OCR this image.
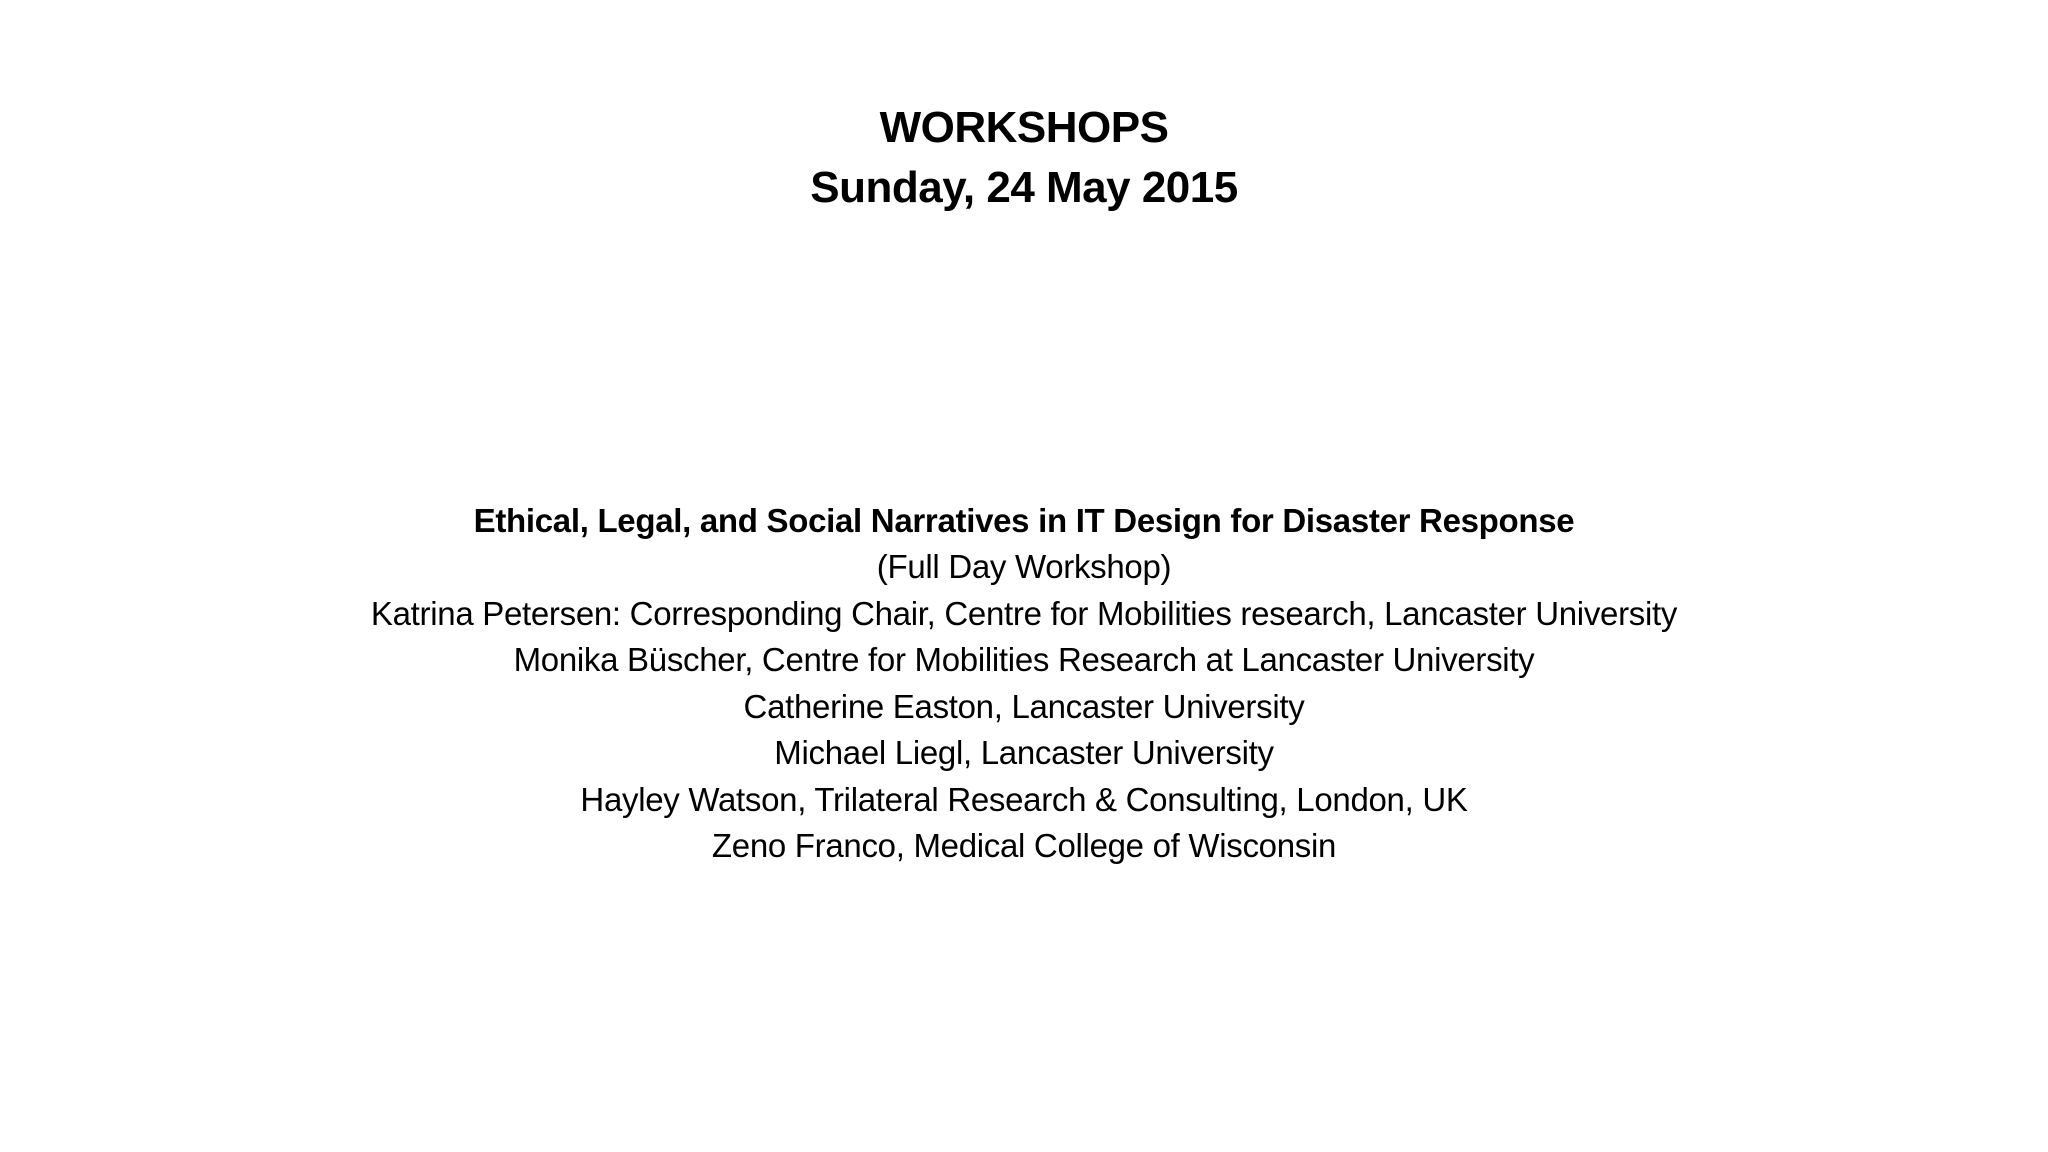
WORKSHOPS
Sunday, 24 May 2015
Ethical, Legal, and Social Narratives in IT Design for Disaster Response
(Full Day Workshop)
Katrina Petersen: Corresponding Chair, Centre for Mobilities research, Lancaster University
Monika Büscher, Centre for Mobilities Research at Lancaster University
Catherine Easton, Lancaster University
Michael Liegl, Lancaster University
Hayley Watson, Trilateral Research & Consulting, London, UK
Zeno Franco, Medical College of Wisconsin
